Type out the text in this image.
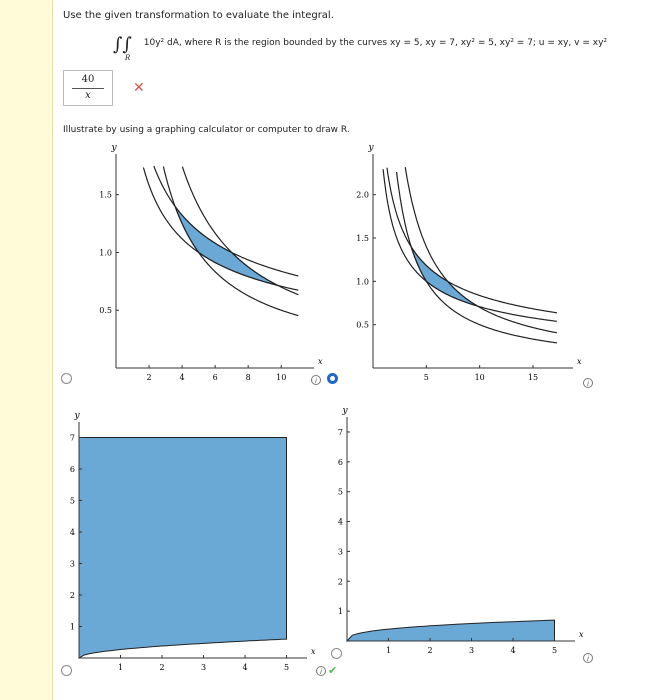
Use the given transformation to evaluate the integral.
∫∫
R
10y² dA, where R is the region bounded by the curves xy = 5, xy = 7, xy² = 5, xy² = 7; u = xy, v = xy²
40
x	✕
Illustrate by using a graphing calculator or computer to draw R.
x
y
2	4	6	8	10
0.5
1.0
1.5
i
x
y
5	10	15
0.5
1.0
1.5
2.0
i
x
y
1	2	3	4	5
1
2
3
4
5
6
7
x
y
1	2	3	4	5
1
2
3
4
5
6
7
i ✔
i
